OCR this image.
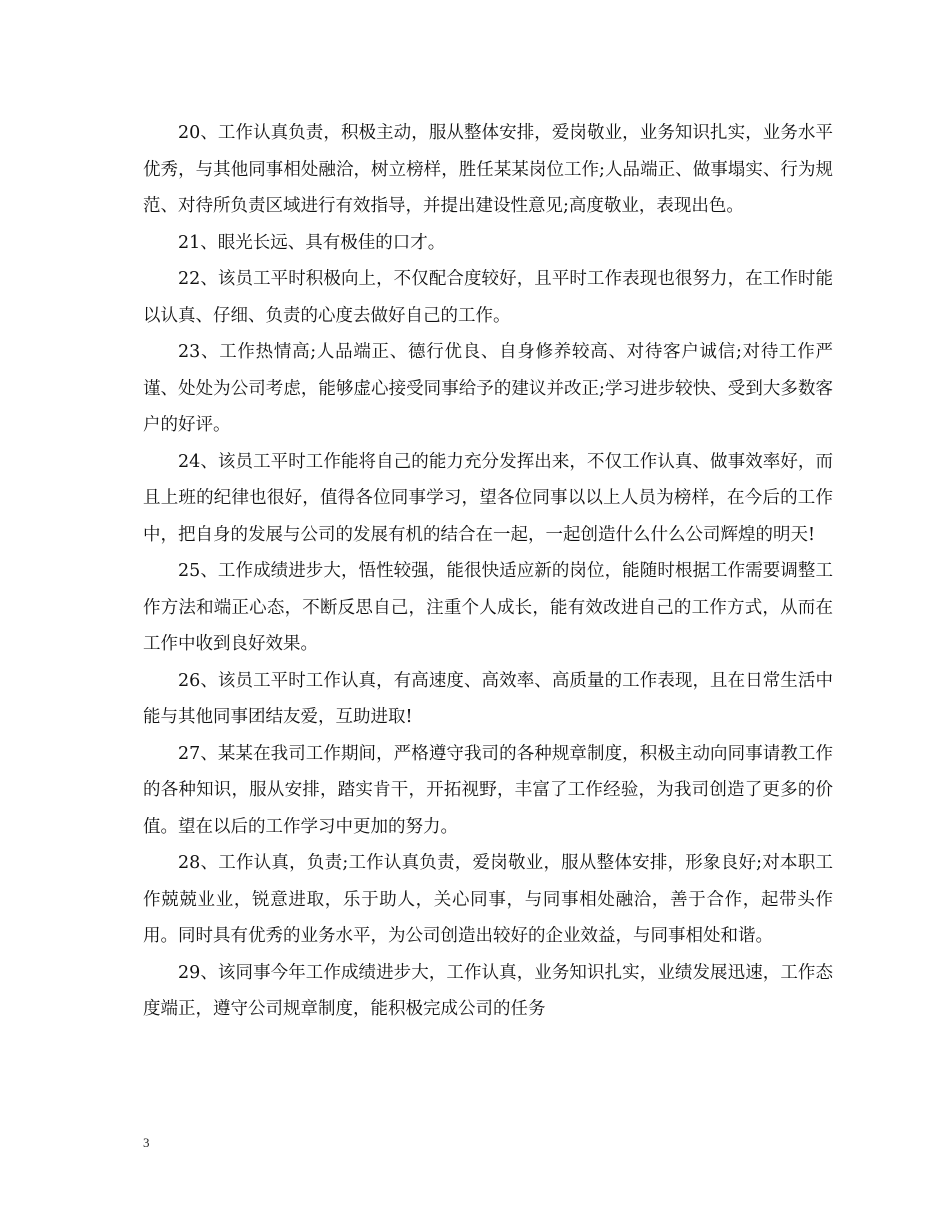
20、工作认真负责，积极主动，服从整体安排，爱岗敬业，业务知识扎实，业务水平优秀，与其他同事相处融洽，树立榜样，胜任某某岗位工作;人品端正、做事塌实、行为规范、对待所负责区域进行有效指导，并提出建设性意见;高度敬业，表现出色。

21、眼光长远、具有极佳的口才。

22、该员工平时积极向上，不仅配合度较好，且平时工作表现也很努力，在工作时能以认真、仔细、负责的心度去做好自己的工作。

23、工作热情高;人品端正、德行优良、自身修养较高、对待客户诚信;对待工作严谨、处处为公司考虑，能够虚心接受同事给予的建议并改正;学习进步较快、受到大多数客户的好评。

24、该员工平时工作能将自己的能力充分发挥出来，不仅工作认真、做事效率好，而且上班的纪律也很好，值得各位同事学习，望各位同事以以上人员为榜样，在今后的工作中，把自身的发展与公司的发展有机的结合在一起，一起创造什么什么公司辉煌的明天!

25、工作成绩进步大，悟性较强，能很快适应新的岗位，能随时根据工作需要调整工作方法和端正心态，不断反思自己，注重个人成长，能有效改进自己的工作方式，从而在工作中收到良好效果。

26、该员工平时工作认真，有高速度、高效率、高质量的工作表现，且在日常生活中能与其他同事团结友爱，互助进取!

27、某某在我司工作期间，严格遵守我司的各种规章制度，积极主动向同事请教工作的各种知识，服从安排，踏实肯干，开拓视野，丰富了工作经验，为我司创造了更多的价值。望在以后的工作学习中更加的努力。

28、工作认真，负责;工作认真负责，爱岗敬业，服从整体安排，形象良好;对本职工作兢兢业业，锐意进取，乐于助人，关心同事，与同事相处融洽，善于合作，起带头作用。同时具有优秀的业务水平，为公司创造出较好的企业效益，与同事相处和谐。

29、该同事今年工作成绩进步大，工作认真，业务知识扎实，业绩发展迅速，工作态度端正，遵守公司规章制度，能积极完成公司的任务

3
